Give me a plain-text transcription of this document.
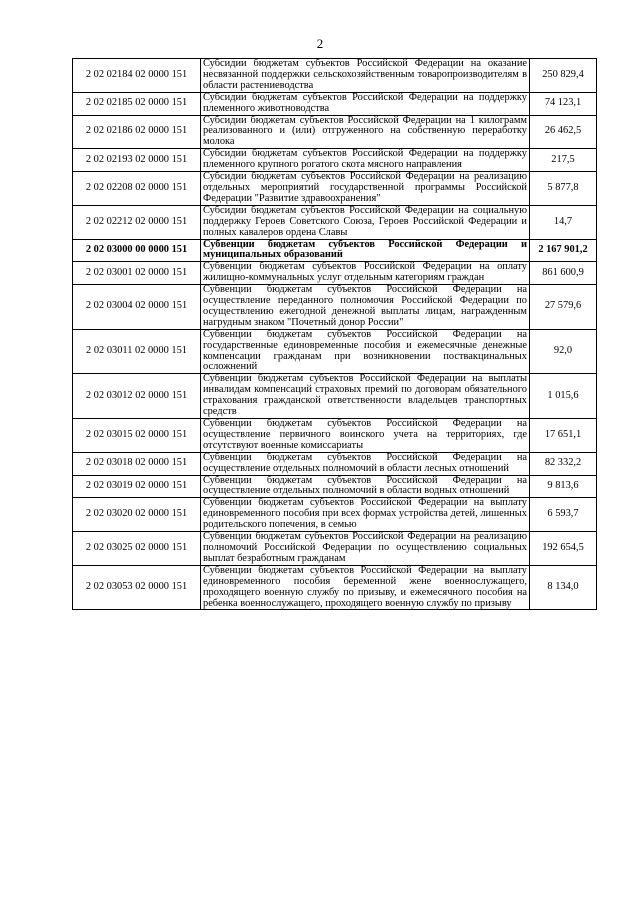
2
2 02 02184 02 0000 151	Субсидии бюджетам субъектов Российской Федерации на оказание несвязанной поддержки сельскохозяйственным товаропроизводителям в области растениеводства	250 829,4
2 02 02185 02 0000 151	Субсидии бюджетам субъектов Российской Федерации на поддержку племенного животноводства	74 123,1
2 02 02186 02 0000 151	Субсидии бюджетам субъектов Российской Федерации на 1 килограмм реализованного и (или) отгруженного на собственную переработку молока	26 462,5
2 02 02193 02 0000 151	Субсидии бюджетам субъектов Российской Федерации на поддержку племенного крупного рогатого скота мясного направления	217,5
2 02 02208 02 0000 151	Субсидии бюджетам субъектов Российской Федерации на реализацию отдельных мероприятий государственной программы Российской Федерации "Развитие здравоохранения"	5 877,8
2 02 02212 02 0000 151	Субсидии бюджетам субъектов Российской Федерации на социальную поддержку Героев Советского Союза, Героев Российской Федерации и полных кавалеров ордена Славы	14,7
2 02 03000 00 0000 151	Субвенции бюджетам субъектов Российской Федерации и муниципальных образований	2 167 901,2
2 02 03001 02 0000 151	Субвенции бюджетам субъектов Российской Федерации на оплату жилищно-коммунальных услуг отдельным категориям граждан	861 600,9
2 02 03004 02 0000 151	Субвенции бюджетам субъектов Российской Федерации на осуществление переданного полномочия Российской Федерации по осуществлению ежегодной денежной выплаты лицам, награжденным нагрудным знаком "Почетный донор России"	27 579,6
2 02 03011 02 0000 151	Субвенции бюджетам субъектов Российской Федерации на государственные единовременные пособия и ежемесячные денежные компенсации гражданам при возникновении поствакцинальных осложнений	92,0
2 02 03012 02 0000 151	Субвенции бюджетам субъектов Российской Федерации на выплаты инвалидам компенсаций страховых премий по договорам обязательного страхования гражданской ответственности владельцев транспортных средств	1 015,6
2 02 03015 02 0000 151	Субвенции бюджетам субъектов Российской Федерации на осуществление первичного воинского учета на территориях, где отсутствуют военные комиссариаты	17 651,1
2 02 03018 02 0000 151	Субвенции бюджетам субъектов Российской Федерации на осуществление отдельных полномочий в области лесных отношений	82 332,2
2 02 03019 02 0000 151	Субвенции бюджетам субъектов Российской Федерации на осуществление отдельных полномочий в области водных отношений	9 813,6
2 02 03020 02 0000 151	Субвенции бюджетам субъектов Российской Федерации на выплату единовременного пособия при всех формах устройства детей, лишенных родительского попечения, в семью	6 593,7
2 02 03025 02 0000 151	Субвенции бюджетам субъектов Российской Федерации на реализацию полномочий Российской Федерации по осуществлению социальных выплат безработным гражданам	192 654,5
2 02 03053 02 0000 151	Субвенции бюджетам субъектов Российской Федерации на выплату единовременного пособия беременной жене военнослужащего, проходящего военную службу по призыву, и ежемесячного пособия на ребенка военнослужащего, проходящего военную службу по призыву	8 134,0
